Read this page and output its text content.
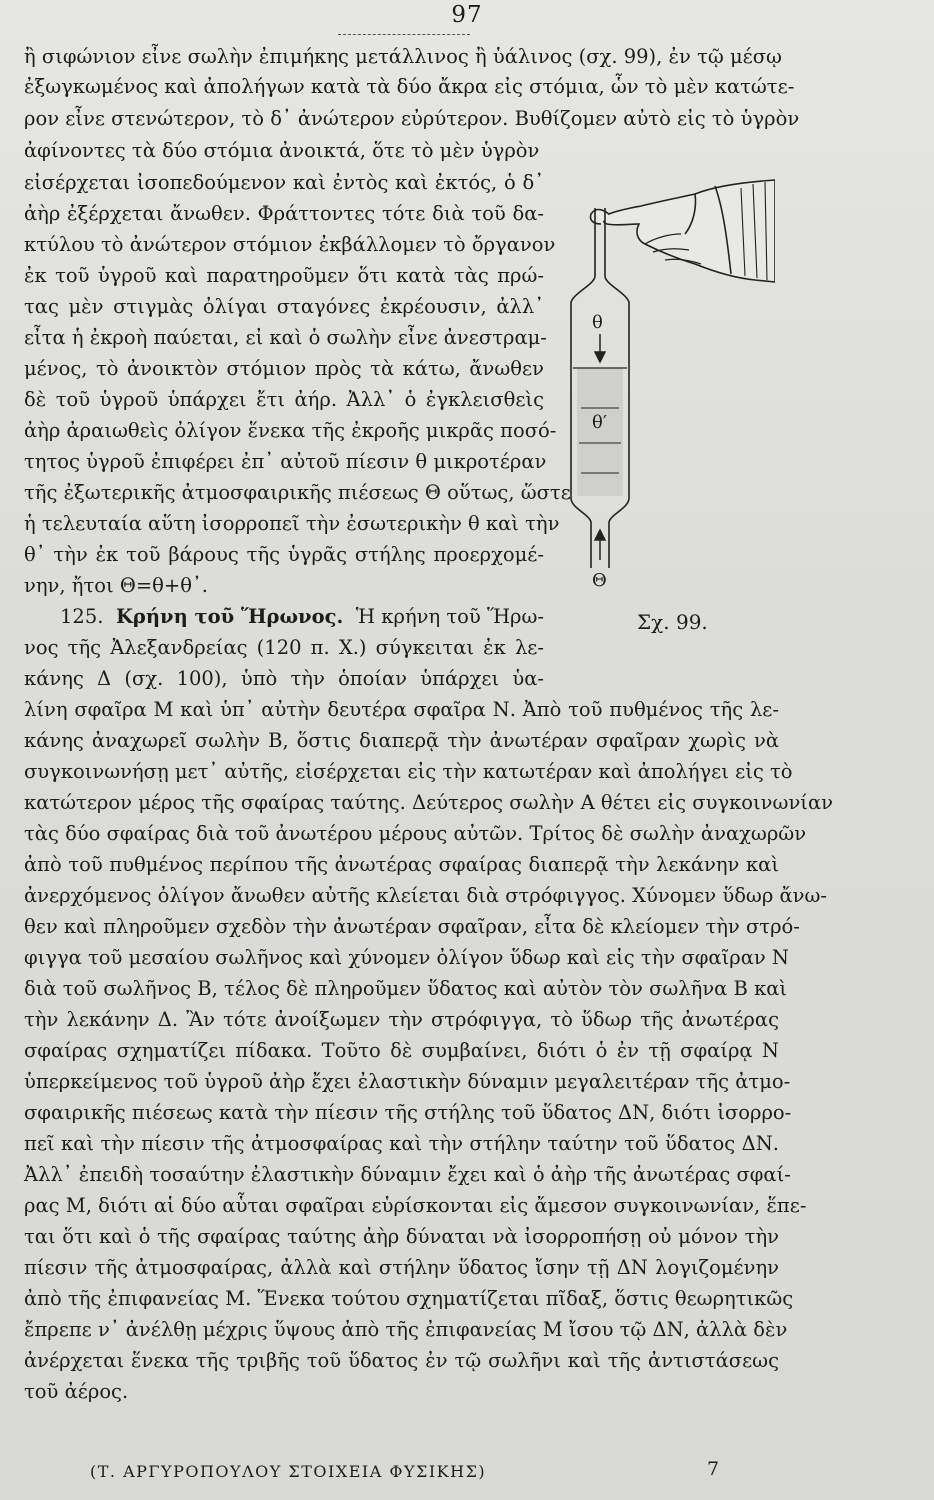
97
ἢ σιφώνιον εἶνε σωλὴν ἐπιμήκης μετάλλινος ἢ ὑάλινος (σχ. 99), ἐν τῷ μέσῳ
ἐξωγκωμένος καὶ ἀπολήγων κατὰ τὰ δύο ἄκρα εἰς στόμια, ὧν τὸ μὲν κατώτε-
ρον εἶνε στενώτερον, τὸ δ᾽ ἀνώτερον εὐρύτερον. Βυθίζομεν αὐτὸ εἰς τὸ ὑγρὸν
ἀφίνοντες τὰ δύο στόμια ἀνοικτά, ὅτε τὸ μὲν ὑγρὸν
εἰσέρχεται ἰσοπεδούμενον καὶ ἐντὸς καὶ ἐκτός, ὁ δ᾽
ἀὴρ ἐξέρχεται ἄνωθεν. Φράττοντες τότε διὰ τοῦ δα-
κτύλου τὸ ἀνώτερον στόμιον ἐκβάλλομεν τὸ ὄργανον
ἐκ τοῦ ὑγροῦ καὶ παρατηροῦμεν ὅτι κατὰ τὰς πρώ-
τας μὲν στιγμὰς ὀλίγαι σταγόνες ἐκρέουσιν, ἀλλ᾽
εἶτα ἡ ἐκροὴ παύεται, εἰ καὶ ὁ σωλὴν εἶνε ἀνεστραμ-
μένος, τὸ ἀνοικτὸν στόμιον πρὸς τὰ κάτω, ἄνωθεν
δὲ τοῦ ὑγροῦ ὑπάρχει ἔτι ἀήρ. Ἀλλ᾽ ὁ ἐγκλεισθεὶς
ἀὴρ ἀραιωθεὶς ὀλίγον ἕνεκα τῆς ἐκροῆς μικρᾶς ποσό-
τητος ὑγροῦ ἐπιφέρει ἐπ᾽ αὐτοῦ πίεσιν θ μικροτέραν
τῆς ἐξωτερικῆς ἀτμοσφαιρικῆς πιέσεως Θ οὕτως, ὥστε
ἡ τελευταία αὕτη ἰσορροπεῖ τὴν ἐσωτερικὴν θ καὶ τὴν
θ᾽ τὴν ἐκ τοῦ βάρους τῆς ὑγρᾶς στήλης προερχομέ-
νην, ἤτοι Θ=θ+θ᾽.
125. Κρήνη τοῦ Ἥρωνος. Ἡ κρήνη τοῦ Ἥρω-
νος τῆς Ἀλεξανδρείας (120 π. Χ.) σύγκειται ἐκ λε-
κάνης Δ (σχ. 100), ὑπὸ τὴν ὁποίαν ὑπάρχει ὑα-
λίνη σφαῖρα Μ καὶ ὑπ᾽ αὐτὴν δευτέρα σφαῖρα Ν. Ἀπὸ τοῦ πυθμένος τῆς λε-
κάνης ἀναχωρεῖ σωλὴν Β, ὅστις διαπερᾷ τὴν ἀνωτέραν σφαῖραν χωρὶς νὰ
συγκοινωνήσῃ μετ᾽ αὐτῆς, εἰσέρχεται εἰς τὴν κατωτέραν καὶ ἀπολήγει εἰς τὸ
κατώτερον μέρος τῆς σφαίρας ταύτης. Δεύτερος σωλὴν Α θέτει εἰς συγκοινωνίαν
τὰς δύο σφαίρας διὰ τοῦ ἀνωτέρου μέρους αὐτῶν. Τρίτος δὲ σωλὴν ἀναχωρῶν
ἀπὸ τοῦ πυθμένος περίπου τῆς ἀνωτέρας σφαίρας διαπερᾷ τὴν λεκάνην καὶ
ἀνερχόμενος ὀλίγον ἄνωθεν αὐτῆς κλείεται διὰ στρόφιγγος. Χύνομεν ὕδωρ ἄνω-
θεν καὶ πληροῦμεν σχεδὸν τὴν ἀνωτέραν σφαῖραν, εἶτα δὲ κλείομεν τὴν στρό-
φιγγα τοῦ μεσαίου σωλῆνος καὶ χύνομεν ὀλίγον ὕδωρ καὶ εἰς τὴν σφαῖραν Ν
διὰ τοῦ σωλῆνος Β, τέλος δὲ πληροῦμεν ὕδατος καὶ αὐτὸν τὸν σωλῆνα Β καὶ
τὴν λεκάνην Δ. Ἂν τότε ἀνοίξωμεν τὴν στρόφιγγα, τὸ ὕδωρ τῆς ἀνωτέρας
σφαίρας σχηματίζει πίδακα. Τοῦτο δὲ συμβαίνει, διότι ὁ ἐν τῇ σφαίρᾳ Ν
ὑπερκείμενος τοῦ ὑγροῦ ἀὴρ ἔχει ἐλαστικὴν δύναμιν μεγαλειτέραν τῆς ἀτμο-
σφαιρικῆς πιέσεως κατὰ τὴν πίεσιν τῆς στήλης τοῦ ὕδατος ΔΝ, διότι ἰσορρο-
πεῖ καὶ τὴν πίεσιν τῆς ἀτμοσφαίρας καὶ τὴν στήλην ταύτην τοῦ ὕδατος ΔΝ.
Ἀλλ᾽ ἐπειδὴ τοσαύτην ἐλαστικὴν δύναμιν ἔχει καὶ ὁ ἀὴρ τῆς ἀνωτέρας σφαί-
ρας Μ, διότι αἱ δύο αὗται σφαῖραι εὑρίσκονται εἰς ἄμεσον συγκοινωνίαν, ἕπε-
ται ὅτι καὶ ὁ τῆς σφαίρας ταύτης ἀὴρ δύναται νὰ ἰσορροπήσῃ οὐ μόνον τὴν
πίεσιν τῆς ἀτμοσφαίρας, ἀλλὰ καὶ στήλην ὕδατος ἴσην τῇ ΔΝ λογιζομένην
ἀπὸ τῆς ἐπιφανείας Μ. Ἕνεκα τούτου σχηματίζεται πῖδαξ, ὅστις θεωρητικῶς
ἔπρεπε ν᾽ ἀνέλθῃ μέχρις ὕψους ἀπὸ τῆς ἐπιφανείας Μ ἴσου τῷ ΔΝ, ἀλλὰ δὲν
ἀνέρχεται ἕνεκα τῆς τριβῆς τοῦ ὕδατος ἐν τῷ σωλῆνι καὶ τῆς ἀντιστάσεως
τοῦ ἀέρος.
θ
θ′
Θ
Σχ. 99.
(Τ. ΑΡΓΥΡΟΠΟΥΛΟΥ ΣΤΟΙΧΕΙΑ ΦΥΣΙΚΗΣ)	7
